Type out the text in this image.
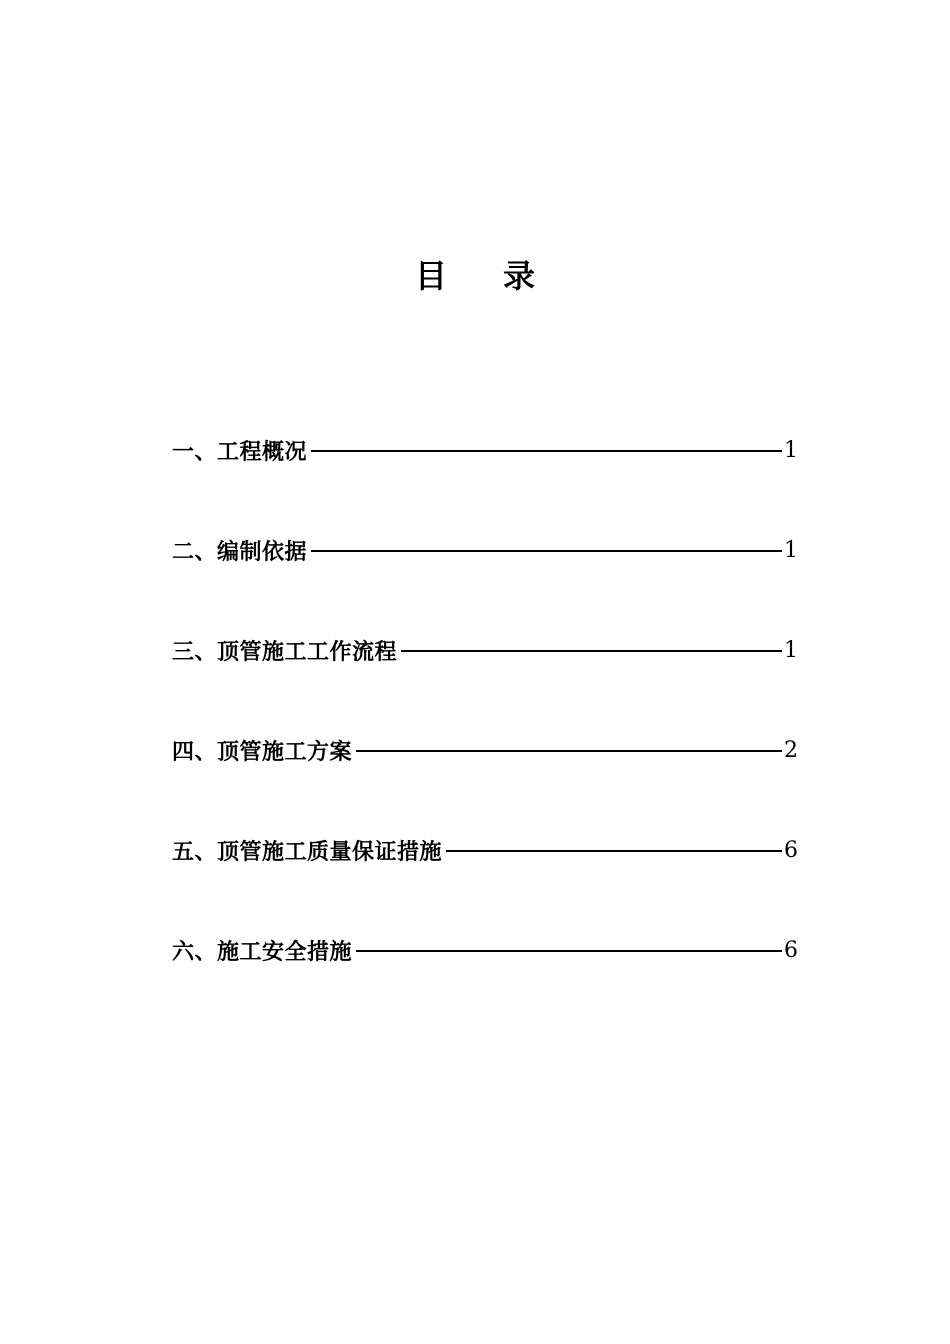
目 录
一、工程概况	1
二、编制依据	1
三、顶管施工工作流程	1
四、顶管施工方案	2
五、顶管施工质量保证措施	6
六、施工安全措施	6
